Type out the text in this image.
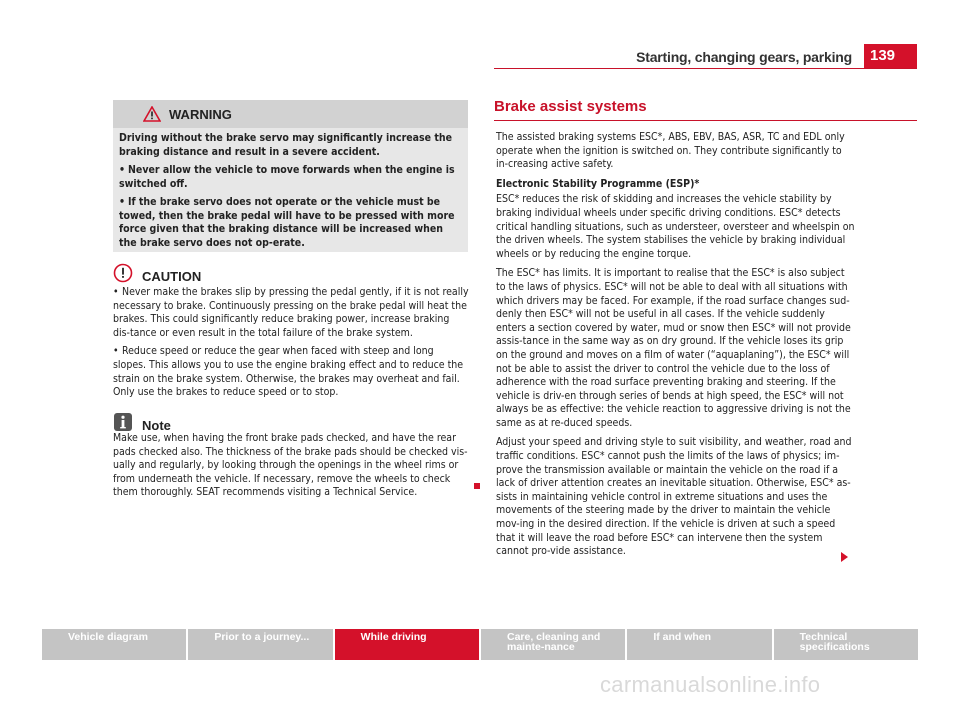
Starting, changing gears, parking	139
WARNING

Driving without the brake servo may significantly increase the braking distance and result in a severe accident.

• Never allow the vehicle to move forwards when the engine is switched off.

• If the brake servo does not operate or the vehicle must be towed, then the brake pedal will have to be pressed with more force given that the braking distance will be increased when the brake servo does not op-erate.

CAUTION

• Never make the brakes slip by pressing the pedal gently, if it is not really necessary to brake. Continuously pressing on the brake pedal will heat the brakes. This could significantly reduce braking power, increase braking dis-tance or even result in the total failure of the brake system.

• Reduce speed or reduce the gear when faced with steep and long slopes. This allows you to use the engine braking effect and to reduce the strain on the brake system. Otherwise, the brakes may overheat and fail. Only use the brakes to reduce speed or to stop.

Note

Make use, when having the front brake pads checked, and have the rear pads checked also. The thickness of the brake pads should be checked vis-ually and regularly, by looking through the openings in the wheel rims or from underneath the vehicle. If necessary, remove the wheels to check them thoroughly. SEAT recommends visiting a Technical Service.

Brake assist systems

The assisted braking systems ESC*, ABS, EBV, BAS, ASR, TC and EDL only operate when the ignition is switched on. They contribute significantly to in-creasing active safety.

Electronic Stability Programme (ESP)*

ESC* reduces the risk of skidding and increases the vehicle stability by braking individual wheels under specific driving conditions. ESC* detects critical handling situations, such as understeer, oversteer and wheelspin on the driven wheels. The system stabilises the vehicle by braking individual wheels or by reducing the engine torque.

The ESC* has limits. It is important to realise that the ESC* is also subject to the laws of physics. ESC* will not be able to deal with all situations with which drivers may be faced. For example, if the road surface changes sud-denly then ESC* will not be useful in all cases. If the vehicle suddenly enters a section covered by water, mud or snow then ESC* will not provide assis-tance in the same way as on dry ground. If the vehicle loses its grip on the ground and moves on a film of water (“aquaplaning”), the ESC* will not be able to assist the driver to control the vehicle due to the loss of adherence with the road surface preventing braking and steering. If the vehicle is driv-en through series of bends at high speed, the ESC* will not always be as effective: the vehicle reaction to aggressive driving is not the same as at re-duced speeds.

Adjust your speed and driving style to suit visibility, and weather, road and traffic conditions. ESC* cannot push the limits of the laws of physics; im-prove the transmission available or maintain the vehicle on the road if a lack of driver attention creates an inevitable situation. Otherwise, ESC* as-sists in maintaining vehicle control in extreme situations and uses the movements of the steering made by the driver to maintain the vehicle mov-ing in the desired direction. If the vehicle is driven at such a speed that it will leave the road before ESC* can intervene then the system cannot pro-vide assistance.

Vehicle diagram	Prior to a journey...	While driving	Care, cleaning and mainte-nance
If and when	Technical specifications
carmanualsonline.info
